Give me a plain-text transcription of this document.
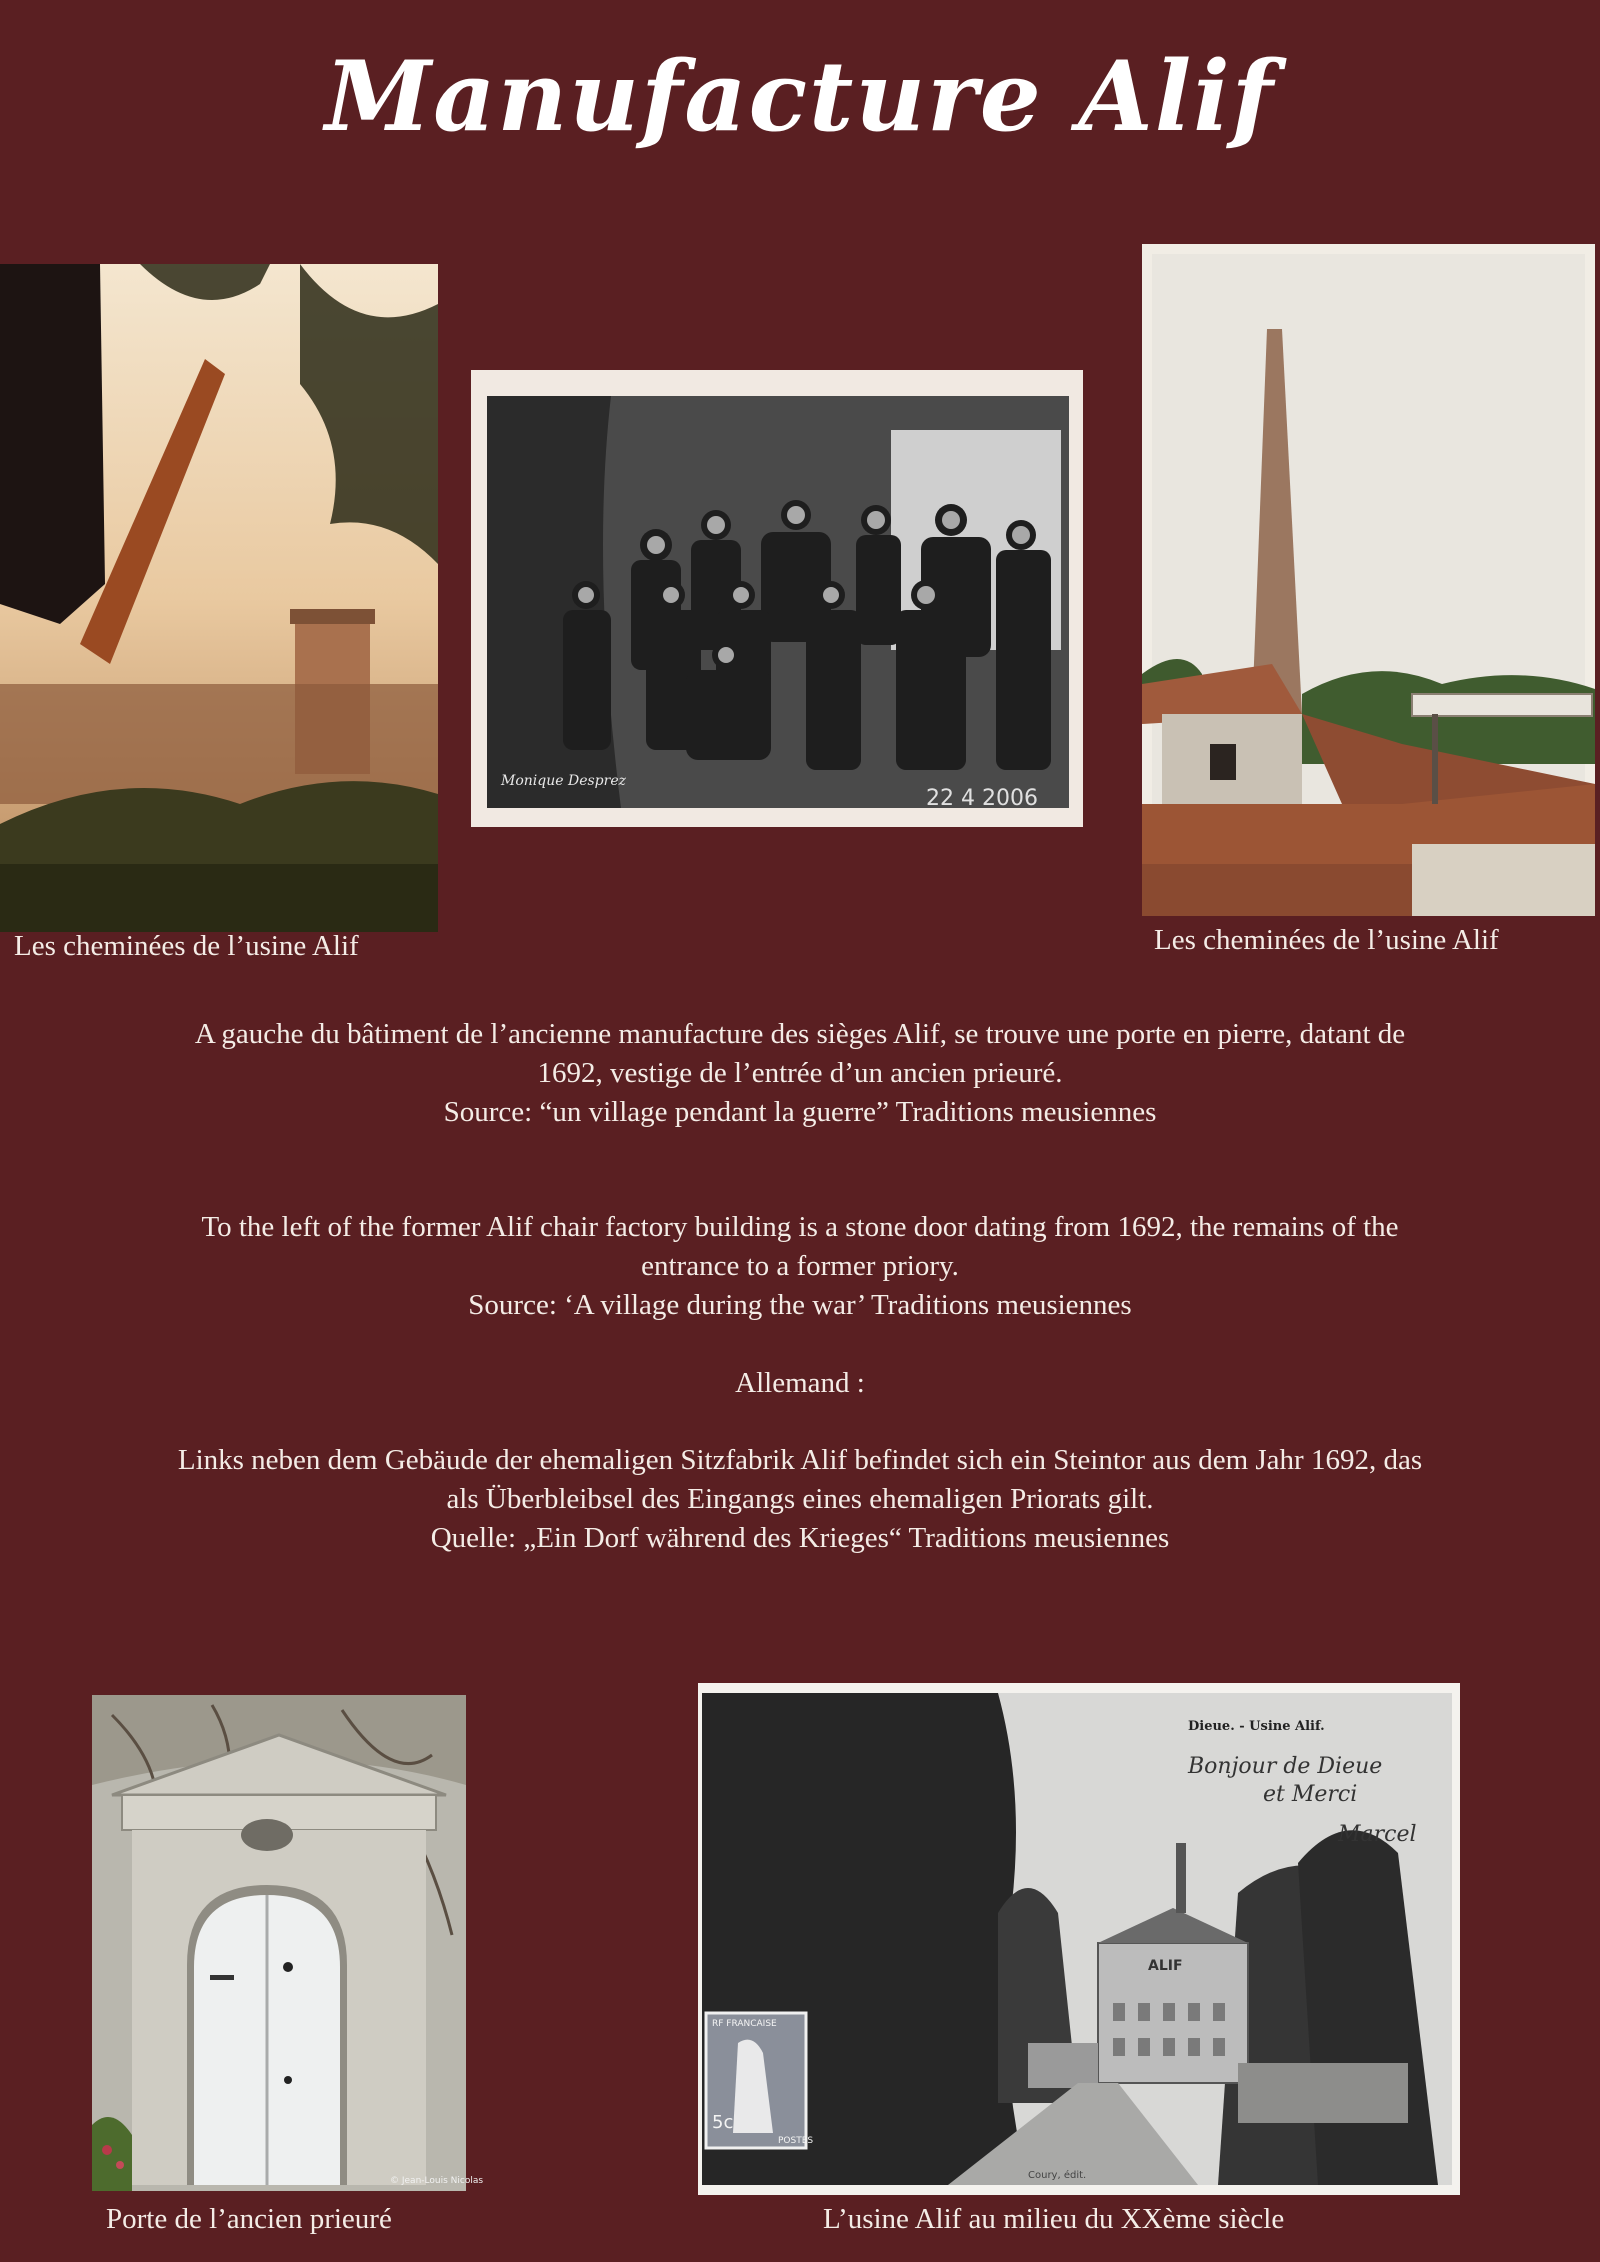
Manufacture Alif
Les cheminées de l’usine Alif
Monique Desprez
22 4 2006
Les cheminées de l’usine Alif
A gauche du bâtiment de l’ancienne manufacture des sièges Alif, se trouve une porte en pierre, datant de
1692, vestige de l’entrée d’un ancien prieuré.
Source: “un village pendant la guerre” Traditions meusiennes
To the left of the former Alif chair factory building is a stone door dating from 1692, the remains of the
entrance to a former priory.
Source: ‘A village during the war’ Traditions meusiennes
Allemand :
Links neben dem Gebäude der ehemaligen Sitzfabrik Alif befindet sich ein Steintor aus dem Jahr 1692, das
als Überbleibsel des Eingangs eines ehemaligen Priorats gilt.
Quelle: „Ein Dorf während des Krieges“ Traditions meusiennes
© Jean-Louis Nicolas
Porte de l’ancien prieuré
ALIF
Dieue. - Usine Alif.
Bonjour de Dieue
et Merci
Marcel
RF FRANCAISE
5c
POSTES
Coury, édit.
L’usine Alif au milieu du XXème siècle
